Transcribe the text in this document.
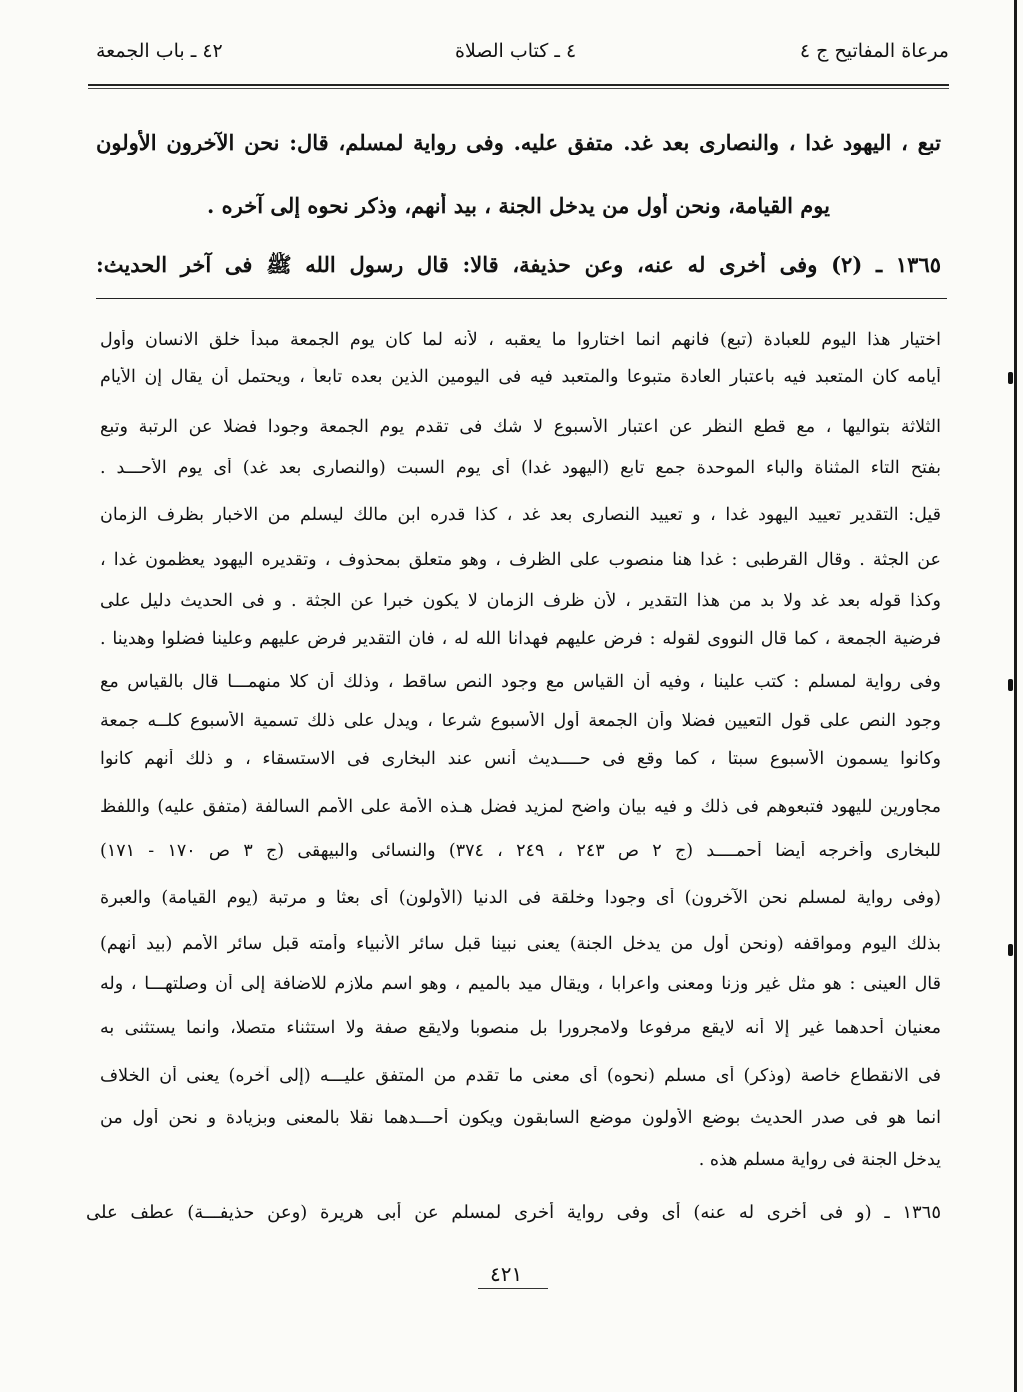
مرعاة المفاتيح ج ٤
٤ ـ كتاب الصلاة
٤٢ ـ باب الجمعة
تبع ، اليهود غدا ، والنصارى بعد غد. متفق عليه. وفى رواية لمسلم، قال: نحن الآخرون الأولون
يوم القيامة، ونحن أول من يدخل الجنة ، بيد أنهم، وذكر نحوه إلى آخره .
١٣٦٥ ـ (٢) وفى أخرى له عنه، وعن حذيفة، قالا: قال رسول الله ﷺ فى آخر الحديث:
اختيار هذا اليوم للعبادة (تبع) فانهم انما اختاروا ما يعقبه ، لأنه لما كان يوم الجمعة مبدأ خلق الانسان وأول
أيامه كان المتعبد فيه باعتبار العادة متبوعا والمتعبد فيه فى اليومين الذين بعده تابعاً ، ويحتمل أن يقال إن الأيام
الثلاثة بتواليها ، مع قطع النظر عن اعتبار الأسبوع لا شك فى تقدم يوم الجمعة وجودا فضلا عن الرتبة وتبع
بفتح التاء المثناة والباء الموحدة جمع تابع (اليهود غدا) أى يوم السبت (والنصارى بعد غد) أى يوم الأحـــد .
قيل: التقدير تعييد اليهود غدا ، و تعييد النصارى بعد غد ، كذا قدره ابن مالك ليسلم من الاخبار بظرف الزمان
عن الجثة . وقال القرطبى : غدا هنا منصوب على الظرف ، وهو متعلق بمحذوف ، وتقديره اليهود يعظمون غدا ،
وكذا قوله بعد غد ولا بد من هذا التقدير ، لأن ظرف الزمان لا يكون خبرا عن الجثة . و فى الحديث دليل على
فرضية الجمعة ، كما قال النووى لقوله : فرض عليهم فهدانا الله له ، فان التقدير فرض عليهم وعلينا فضلوا وهدينا .
وفى رواية لمسلم : كتب علينا ، وفيه أن القياس مع وجود النص ساقط ، وذلك أن كلا منهمـــا قال بالقياس مع
وجود النص على قول التعيين فضلا وأن الجمعة أول الأسبوع شرعا ، ويدل على ذلك تسمية الأسبوع كلــه جمعة
وكانوا يسمون الأسبوع سبتا ، كما وقع فى حــــديث أنس عند البخارى فى الاستسقاء ، و ذلك أنهم كانوا
مجاورين لليهود فتبعوهم فى ذلك و فيه بيان واضح لمزيد فضل هـذه الأمة على الأمم السالفة (متفق عليه) واللفظ
للبخارى وأخرجه أيضا أحمــــد (ج ٢ ص ٢٤٣ ، ٢٤٩ ، ٣٧٤) والنسائى والبيهقى (ج ٣ ص ١٧٠ - ١٧١)
(وفى رواية لمسلم نحن الآخرون) أى وجودا وخلقة فى الدنيا (الأولون) أى بعثا و مرتبة (يوم القيامة) والعبرة
بذلك اليوم ومواقفه (ونحن أول من يدخل الجنة) يعنى نبينا قبل سائر الأنبياء وأمته قبل سائر الأمم (بيد أنهم)
قال العينى : هو مثل غير وزنا ومعنى واعرابا ، ويقال ميد بالميم ، وهو اسم ملازم للاضافة إلى أن وصلتهـــا ، وله
معنيان أحدهما غير إلا أنه لايقع مرفوعا ولامجرورا بل منصوبا ولايقع صفة ولا استثناء متصلا، وانما يستثنى به
فى الانقطاع خاصة (وذكر) أى مسلم (نحوه) أى معنى ما تقدم من المتفق عليـــه (إلى آخره) يعنى أن الخلاف
انما هو فى صدر الحديث بوضع الأولون موضع السابقون ويكون أحـــدهما نقلا بالمعنى وبزيادة و نحن أول من
يدخل الجنة فى رواية مسلم هذه .
١٣٦٥ ـ (و فى أخرى له عنه) أى وفى رواية أخرى لمسلم عن أبى هريرة (وعن حذيفـــة) عطف على
٤٢١
